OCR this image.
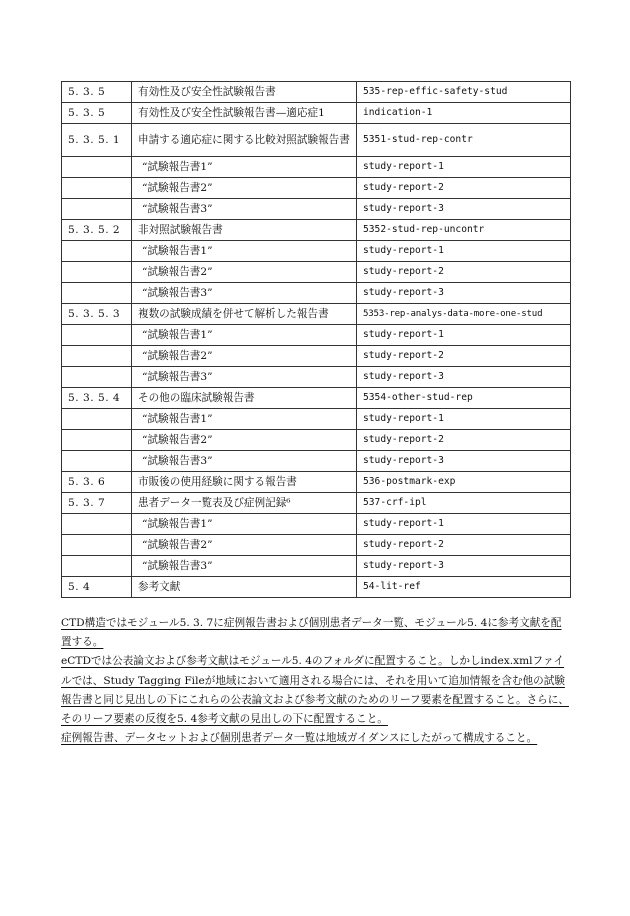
5. 3. 5	有効性及び安全性試験報告書	535-rep-effic-safety-stud
5. 3. 5	有効性及び安全性試験報告書—適応症1	indication-1
5. 3. 5. 1	申請する適応症に関する比較対照試験報告書	5351-stud-rep-contr
	“試験報告書1”	study-report-1
	“試験報告書2”	study-report-2
	“試験報告書3”	study-report-3
5. 3. 5. 2	非対照試験報告書	5352-stud-rep-uncontr
	“試験報告書1”	study-report-1
	“試験報告書2”	study-report-2
	“試験報告書3”	study-report-3
5. 3. 5. 3	複数の試験成績を併せて解析した報告書	5353-rep-analys-data-more-one-stud
	“試験報告書1”	study-report-1
	“試験報告書2”	study-report-2
	“試験報告書3”	study-report-3
5. 3. 5. 4	その他の臨床試験報告書	5354-other-stud-rep
	“試験報告書1”	study-report-1
	“試験報告書2”	study-report-2
	“試験報告書3”	study-report-3
5. 3. 6	市販後の使用経験に関する報告書	536-postmark-exp
5. 3. 7	患者データ一覧表及び症例記録⁶	537-crf-ipl
	“試験報告書1”	study-report-1
	“試験報告書2”	study-report-2
	“試験報告書3”	study-report-3
5. 4	参考文献	54-lit-ref

CTD構造ではモジュール5. 3. 7に症例報告書および個別患者データ一覧、モジュール5. 4に参考文献を配置する。

eCTDでは公表論文および参考文献はモジュール5. 4のフォルダに配置すること。しかしindex.xmlファイルでは、Study Tagging Fileが地域において適用される場合には、それを用いて追加情報を含む他の試験報告書と同じ見出しの下にこれらの公表論文および参考文献のためのリーフ要素を配置すること。さらに、そのリーフ要素の反復を5. 4参考文献の見出しの下に配置すること。

症例報告書、データセットおよび個別患者データ一覧は地域ガイダンスにしたがって構成すること。
